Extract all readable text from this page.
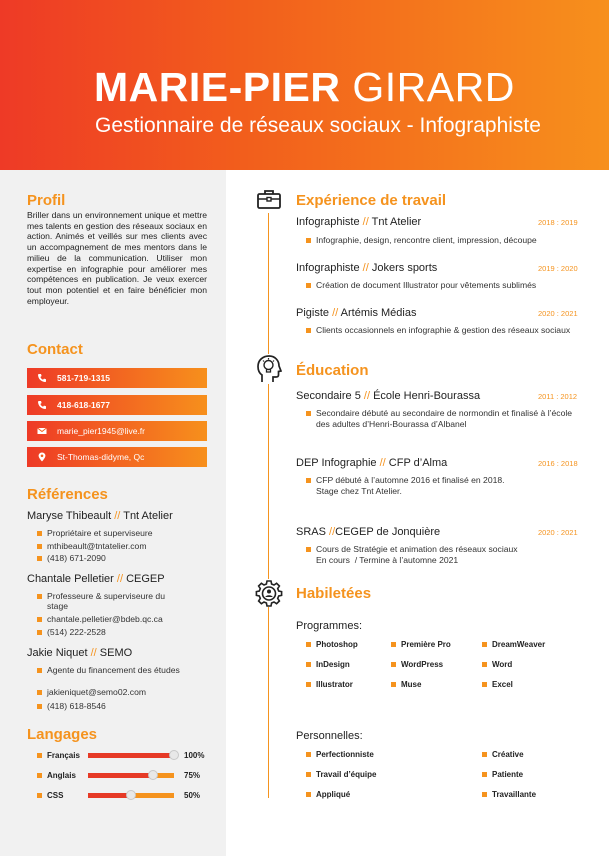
MARIE-PIER GIRARD
Gestionnaire de réseaux sociaux - Infographiste
Profil
Briller dans un environnement unique et mettre mes talents en gestion des réseaux sociaux en action. Animés et veillés sur mes clients avec un accompagnement de mes mentors dans le milieu de la communication. Utiliser mon expertise en infographie pour améliorer mes compétences en publication. Je veux exercer tout mon potentiel et en faire bénéficier mon employeur.
Contact
581-719-1315
418-618-1677
marie_pier1945@live.fr
St-Thomas-didyme, Qc
Références
Maryse Thibeault // Tnt Atelier
Propriétaire et superviseure
mthibeault@tntatelier.com
(418) 671-2090
Chantale Pelletier // CEGEP
Professeure & superviseure du stage
chantale.pelletier@bdeb.qc.ca
(514) 222-2528
Jakie Niquet // SEMO
Agente du financement des études
jakieniquet@semo02.com
(418) 618-8546
Langages
Français	100%
Anglais	75%
CSS	50%
Expérience de travail
Infographiste // Tnt Atelier	2018 : 2019
Infographie, design, rencontre client, impression, découpe
Infographiste // Jokers sports	2019 : 2020
Création de document Illustrator pour vêtements sublimés
Pigiste // Artémis Médias	2020 : 2021
Clients occasionnels en infographie & gestion des réseaux sociaux
Éducation
Secondaire 5 // École Henri-Bourassa	2011 : 2012
Secondaire débuté au secondaire de normondin et finalisé à l’école des adultes d’Henri-Bourassa d’Albanel
DEP Infographie // CFP d’Alma	2016 : 2018
CFP débuté à l’automne 2016 et finalisé en 2018.
Stage chez Tnt Atelier.
SRAS //CEGEP de Jonquière	2020 : 2021
Cours de Stratégie et animation des réseaux sociaux
En cours  / Termine à l’automne 2021
Habiletées
Programmes:
Photoshop	Première Pro	DreamWeaver
InDesign	WordPress	Word
Illustrator	Muse	Excel
Personnelles:
Perfectionniste	Créative
Travail d’équipe	Patiente
Appliqué	Travaillante
